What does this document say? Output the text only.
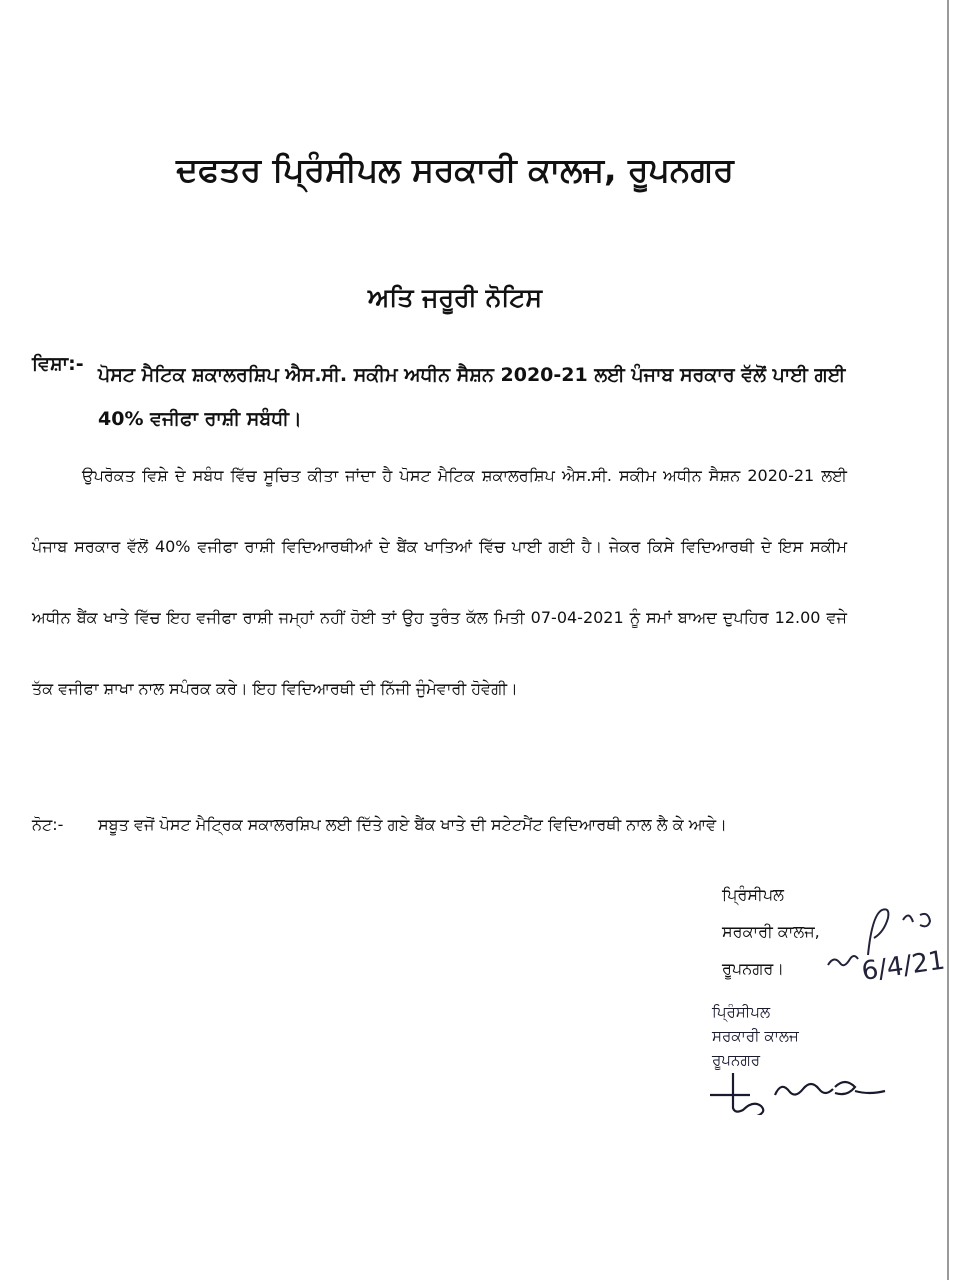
ਦਫਤਰ ਪ੍ਰਿੰਸੀਪਲ ਸਰਕਾਰੀ ਕਾਲਜ, ਰੂਪਨਗਰ
ਅਤਿ ਜਰੂਰੀ ਨੋਟਿਸ
ਵਿਸ਼ਾ:- ਪੋਸਟ ਮੈਟਿਕ ਸ਼ਕਾਲਰਸ਼ਿਪ ਐਸ.ਸੀ. ਸਕੀਮ ਅਧੀਨ ਸੈਸ਼ਨ 2020-21 ਲਈ ਪੰਜਾਬ ਸਰਕਾਰ ਵੱਲੋਂ ਪਾਈ ਗਈ 40% ਵਜੀਫਾ ਰਾਸ਼ੀ ਸਬੰਧੀ।
ਉਪਰੋਕਤ ਵਿਸ਼ੇ ਦੇ ਸਬੰਧ ਵਿੱਚ ਸੂਚਿਤ ਕੀਤਾ ਜਾਂਦਾ ਹੈ ਪੋਸਟ ਮੈਟਿਕ ਸ਼ਕਾਲਰਸ਼ਿਪ ਐਸ.ਸੀ. ਸਕੀਮ ਅਧੀਨ ਸੈਸ਼ਨ 2020-21 ਲਈ ਪੰਜਾਬ ਸਰਕਾਰ ਵੱਲੋਂ 40% ਵਜੀਫਾ ਰਾਸ਼ੀ ਵਿਦਿਆਰਥੀਆਂ ਦੇ ਬੈਂਕ ਖਾਤਿਆਂ ਵਿੱਚ ਪਾਈ ਗਈ ਹੈ। ਜੇਕਰ ਕਿਸੇ ਵਿਦਿਆਰਥੀ ਦੇ ਇਸ ਸਕੀਮ ਅਧੀਨ ਬੈਂਕ ਖਾਤੇ ਵਿੱਚ ਇਹ ਵਜੀਫਾ ਰਾਸ਼ੀ ਜਮ੍ਹਾਂ ਨਹੀਂ ਹੋਈ ਤਾਂ ਉਹ ਤੁਰੰਤ ਕੱਲ ਮਿਤੀ 07-04-2021 ਨੂੰ ਸਮਾਂ ਬਾਅਦ ਦੁਪਹਿਰ 12.00 ਵਜੇ ਤੱਕ ਵਜੀਫਾ ਸ਼ਾਖਾ ਨਾਲ ਸਪੰਰਕ ਕਰੇ। ਇਹ ਵਿਦਿਆਰਥੀ ਦੀ ਨਿੱਜੀ ਜੁੰਮੇਵਾਰੀ ਹੋਵੇਗੀ।
ਨੋਟ:- ਸਬੂਤ ਵਜੋਂ ਪੋਸਟ ਮੈਟ੍ਰਿਕ ਸਕਾਲਰਸ਼ਿਪ ਲਈ ਦਿੱਤੇ ਗਏ ਬੈਂਕ ਖਾਤੇ ਦੀ ਸਟੇਟਮੈਂਟ ਵਿਦਿਆਰਥੀ ਨਾਲ ਲੈ ਕੇ ਆਵੇ।
ਪ੍ਰਿੰਸੀਪਲ
ਸਰਕਾਰੀ ਕਾਲਜ,
ਰੂਪਨਗਰ।	6/4/21
ਪ੍ਰਿੰਸੀਪਲ
ਸਰਕਾਰੀ ਕਾਲਜ
ਰੂਪਨਗਰ
